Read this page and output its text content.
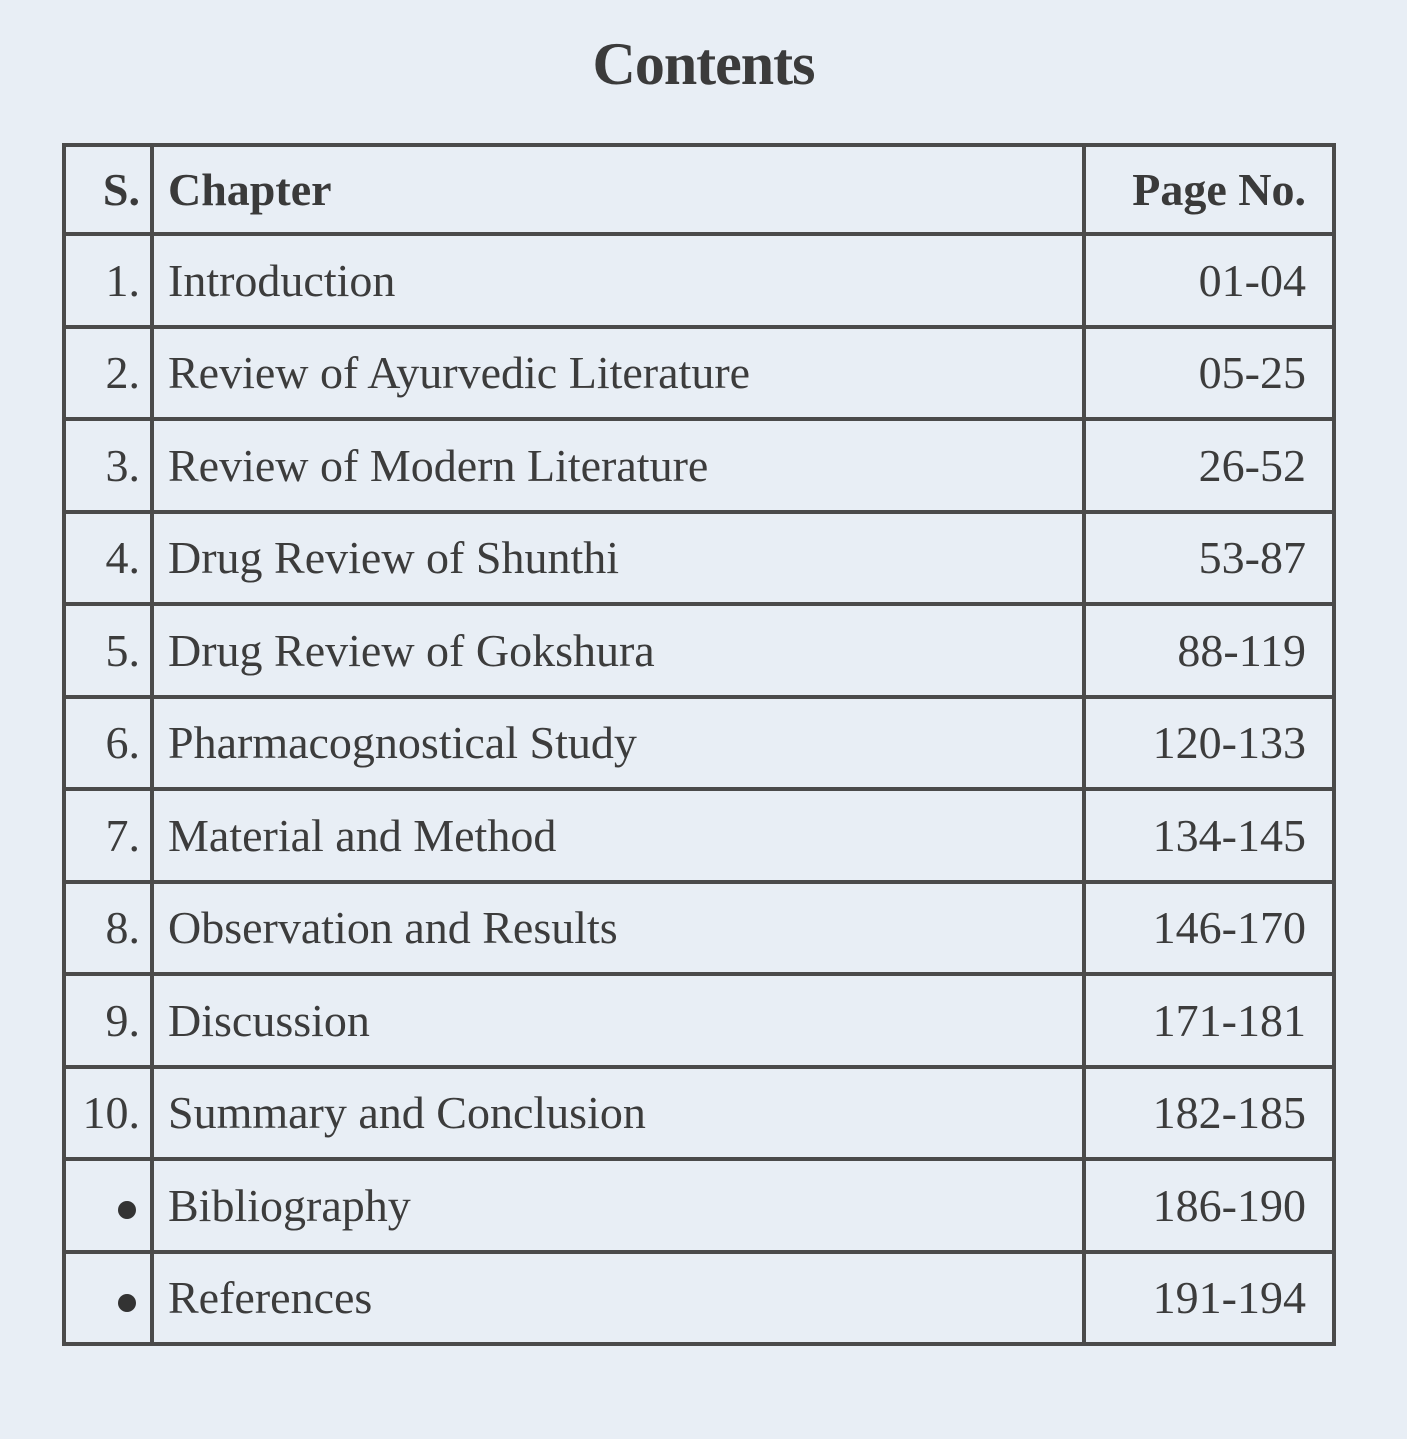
Contents
S.	Chapter	Page No.
1.	Introduction	01-04
2.	Review of Ayurvedic Literature	05-25
3.	Review of Modern Literature	26-52
4.	Drug Review of Shunthi	53-87
5.	Drug Review of Gokshura	88-119
6.	Pharmacognostical Study	120-133
7.	Material and Method	134-145
8.	Observation and Results	146-170
9.	Discussion	171-181
10.	Summary and Conclusion	182-185
	Bibliography	186-190
	References	191-194
